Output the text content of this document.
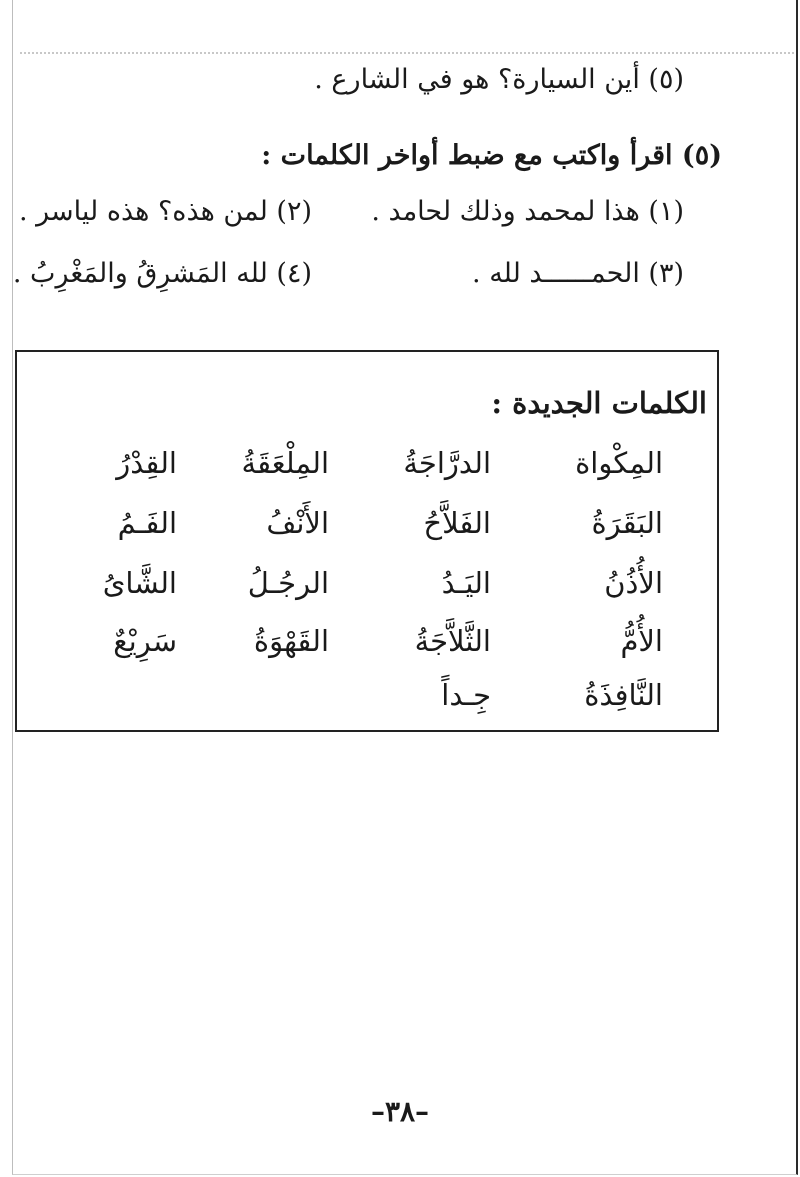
(٥) أين السيارة؟ هو في الشارع .
(٥) اقرأ واكتب مع ضبط أواخر الكلمات :
(١) هذا لمحمد وذلك لحامد .
(٢) لمن هذه؟ هذه لياسر .
(٣) الحمــــــد لله .
(٤) لله المَشرِقُ والمَغْرِبُ .
الكلمات الجديدة :
المِكْواة
الدرَّاجَةُ
المِلْعَقَةُ
القِدْرُ
البَقَرَةُ
الفَلاَّحُ
الأَنْفُ
الفَـمُ
الأُذُنُ
اليَـدُ
الرجُـلُ
الشَّاىُ
الأُمُّ
الثَّلاَّجَةُ
القَهْوَةُ
سَرِيْعٌ
النَّافِذَةُ
جِـداً
–٣٨–
